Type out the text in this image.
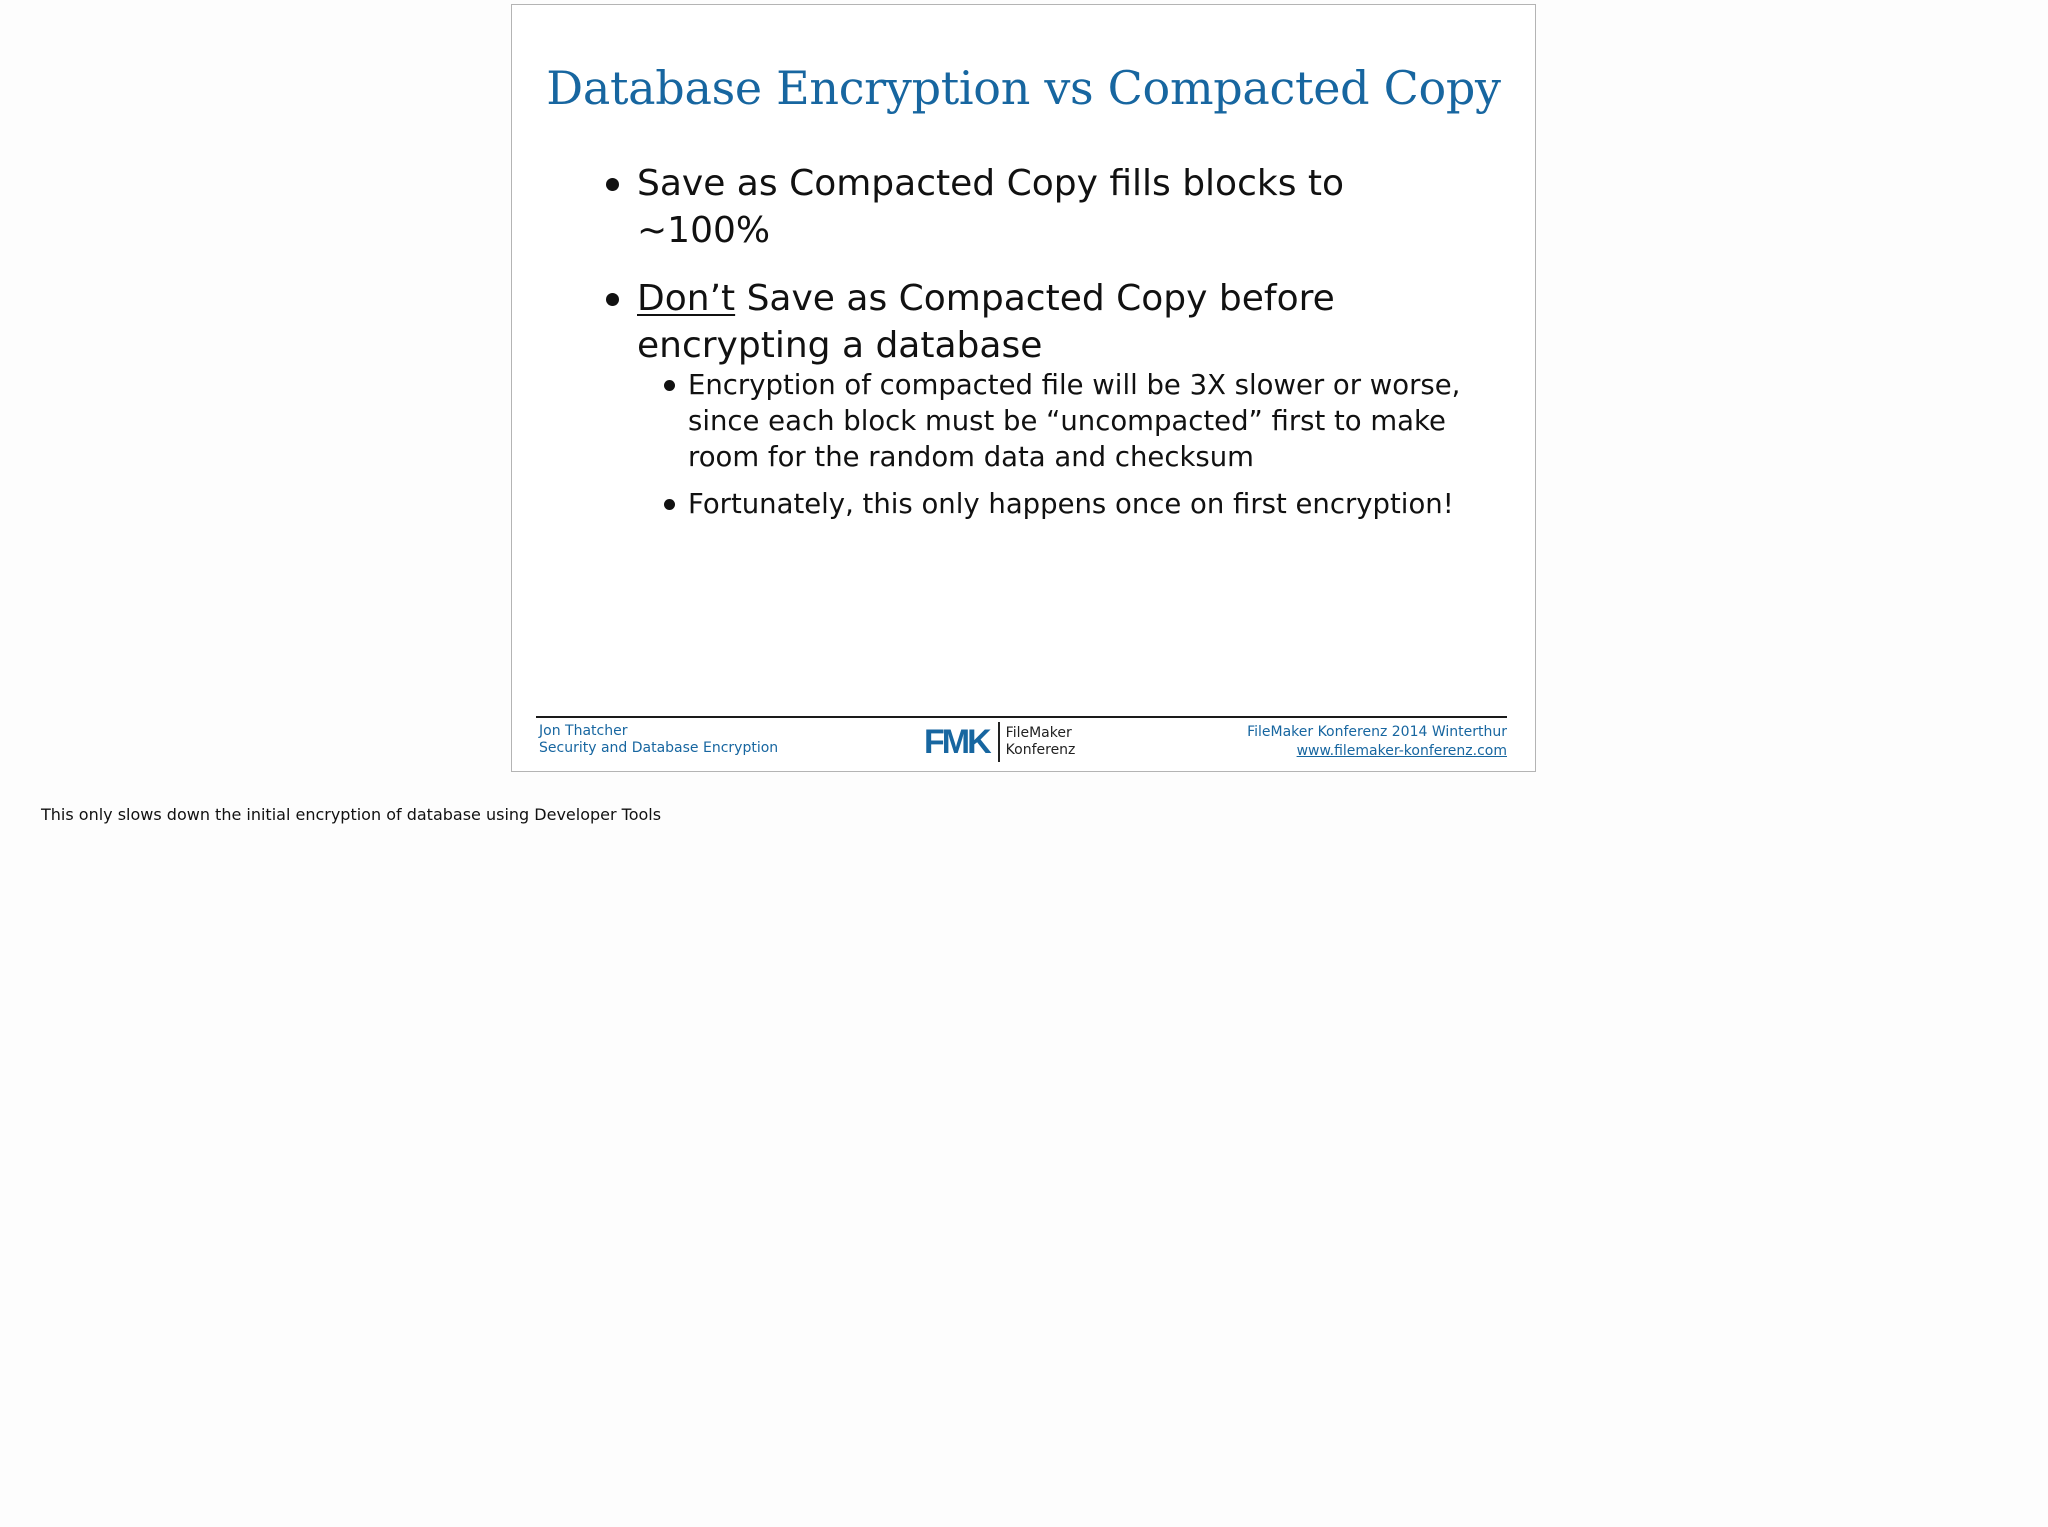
Database Encryption vs Compacted Copy
Save as Compacted Copy fills blocks to ~100%
Don’t Save as Compacted Copy before encrypting a database
Encryption of compacted file will be 3X slower or worse, since each block must be “uncompacted” first to make room for the random data and checksum
Fortunately, this only happens once on first encryption!
Jon Thatcher
Security and Database Encryption	FMK FileMaker
Konferenz
FileMaker Konferenz 2014 Winterthur
www.filemaker-konferenz.com
This only slows down the initial encryption of database using Developer Tools
